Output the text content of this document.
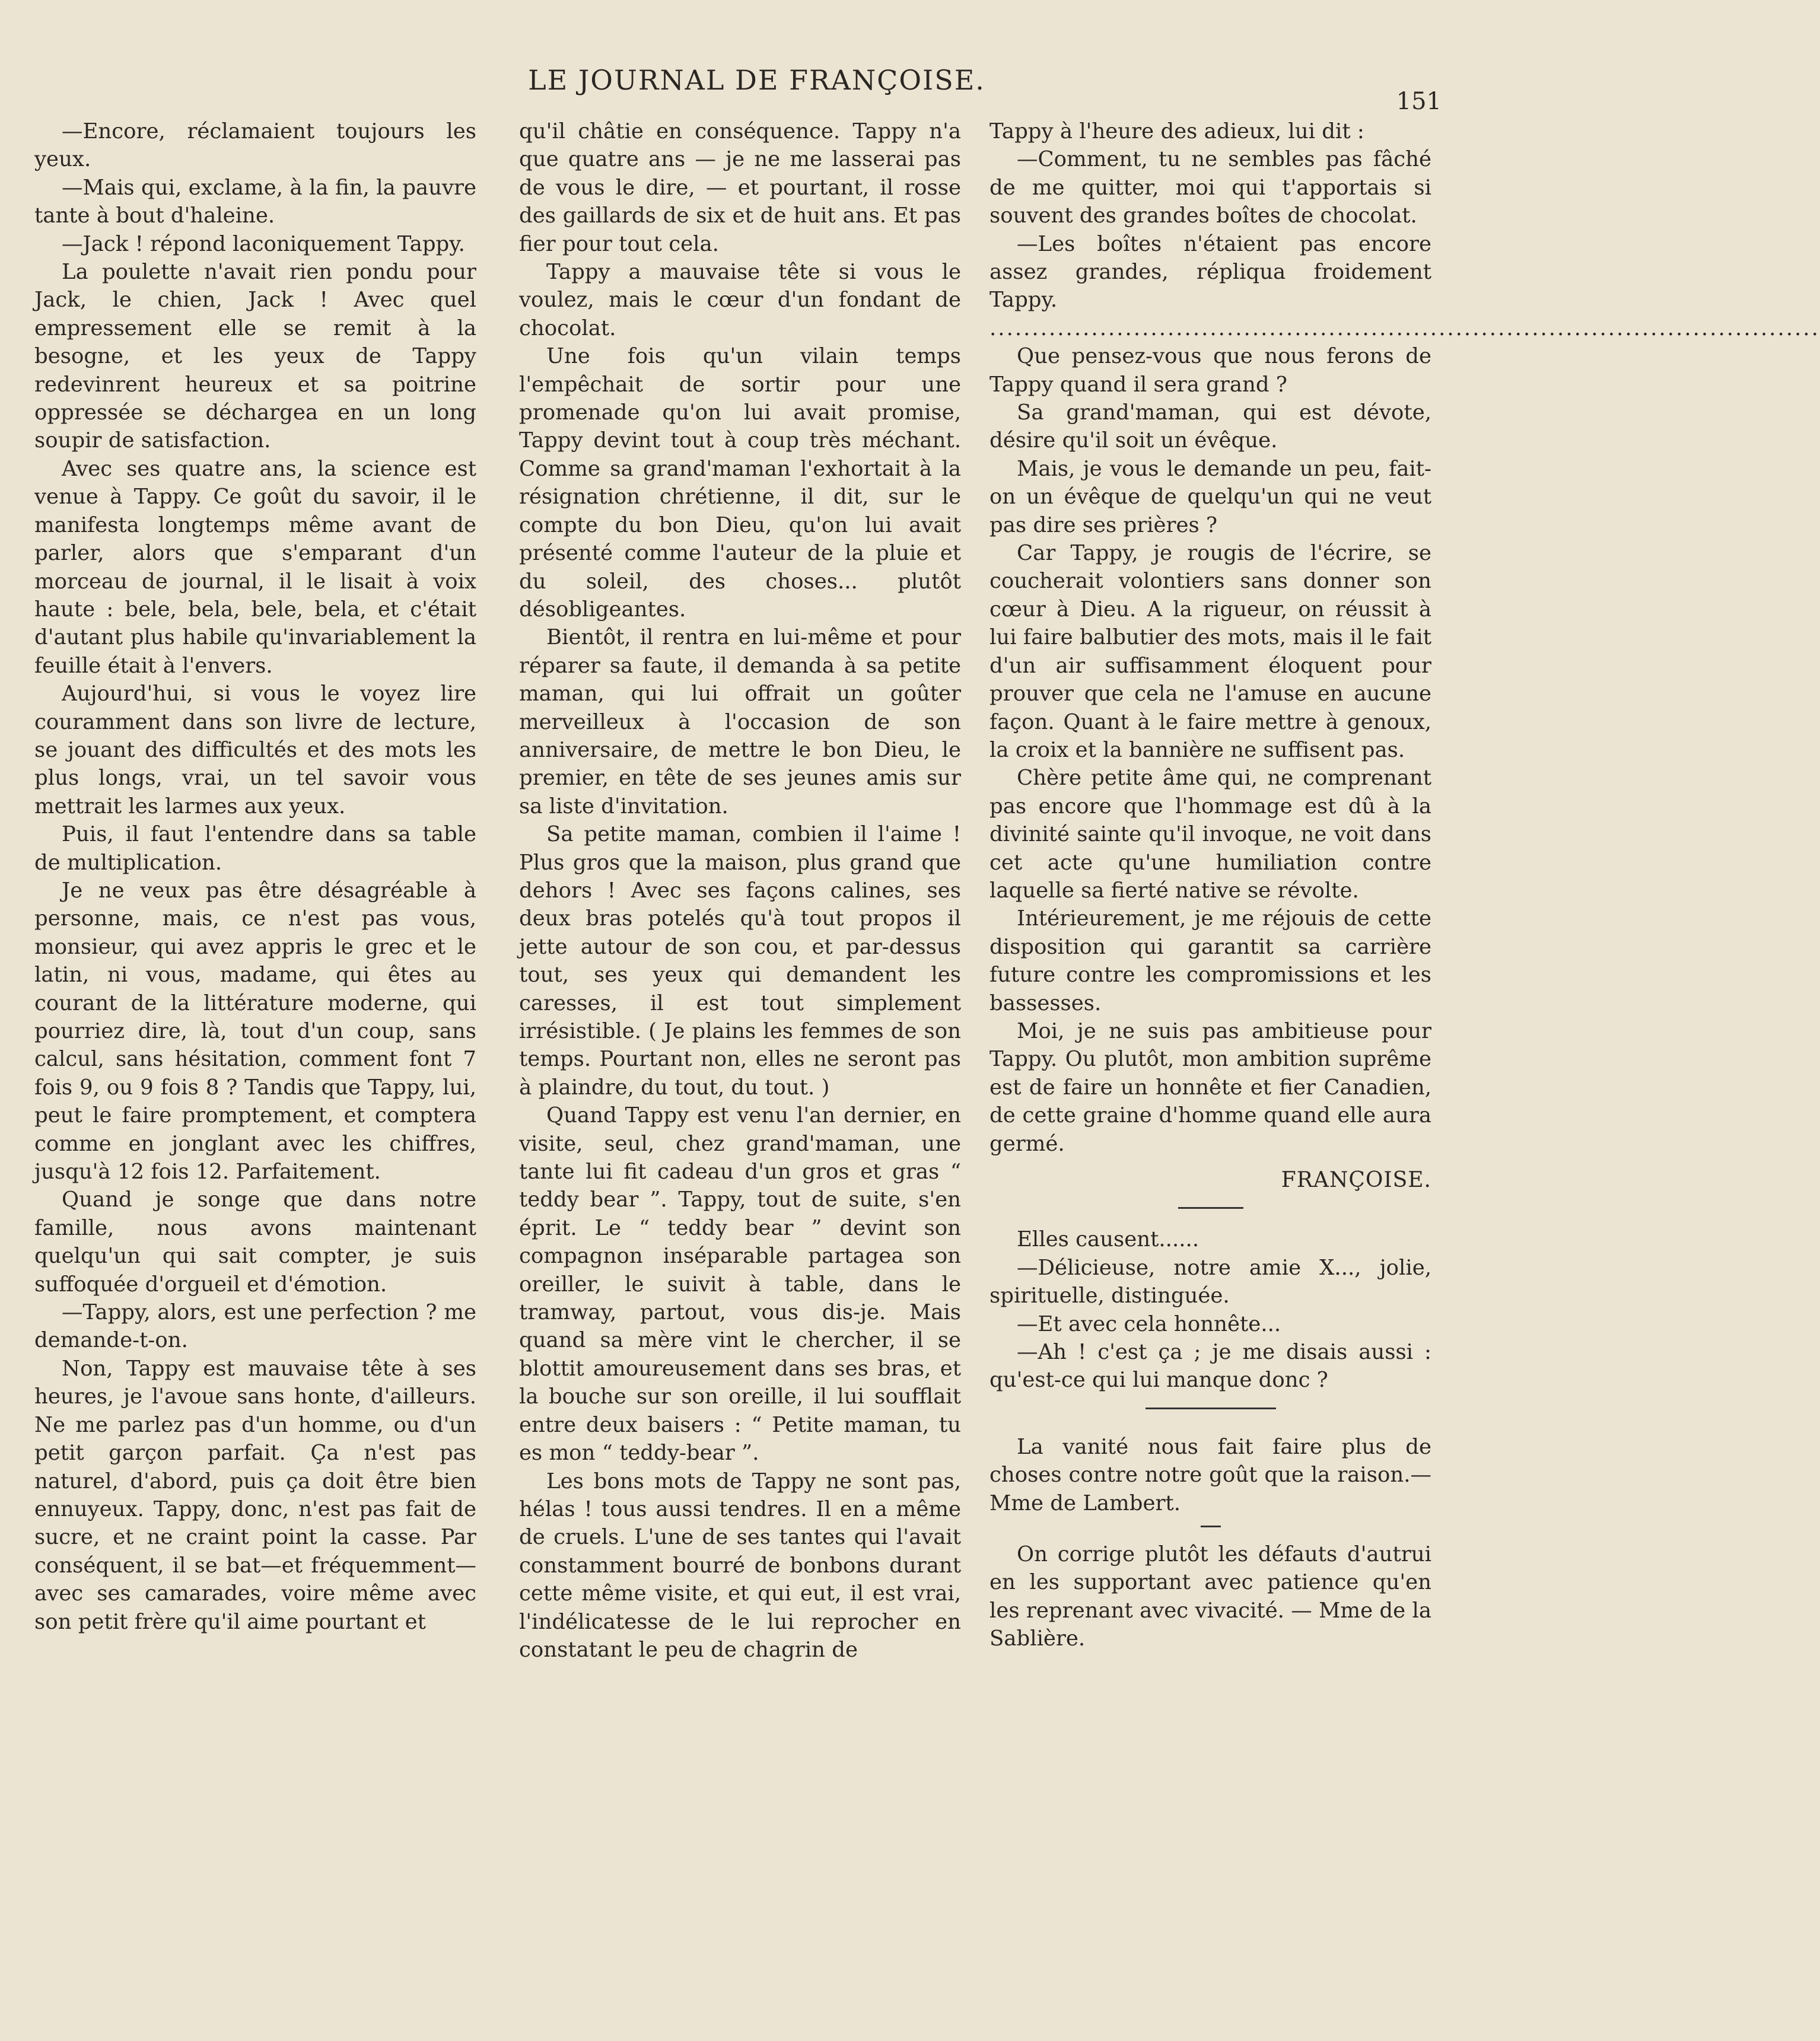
LE JOURNAL DE FRANÇOISE.
151

—Encore, réclamaient toujours les yeux.

—Mais qui, exclame, à la fin, la pauvre tante à bout d'haleine.

—Jack ! répond laconiquement Tappy.

La poulette n'avait rien pondu pour Jack, le chien, Jack ! Avec quel empressement elle se remit à la besogne, et les yeux de Tappy redevinrent heureux et sa poitrine oppressée se déchargea en un long soupir de satisfaction.

Avec ses quatre ans, la science est venue à Tappy. Ce goût du savoir, il le manifesta longtemps même avant de parler, alors que s'emparant d'un morceau de journal, il le lisait à voix haute : bele, bela, bele, bela, et c'était d'autant plus habile qu'invariablement la feuille était à l'envers.

Aujourd'hui, si vous le voyez lire couramment dans son livre de lecture, se jouant des difficultés et des mots les plus longs, vrai, un tel savoir vous mettrait les larmes aux yeux.

Puis, il faut l'entendre dans sa table de multiplication.

Je ne veux pas être désagréable à personne, mais, ce n'est pas vous, monsieur, qui avez appris le grec et le latin, ni vous, madame, qui êtes au courant de la littérature moderne, qui pourriez dire, là, tout d'un coup, sans calcul, sans hésitation, comment font 7 fois 9, ou 9 fois 8 ? Tandis que Tappy, lui, peut le faire promptement, et comptera comme en jonglant avec les chiffres, jusqu'à 12 fois 12. Parfaitement.

Quand je songe que dans notre famille, nous avons maintenant quelqu'un qui sait compter, je suis suffoquée d'orgueil et d'émotion.

—Tappy, alors, est une perfection ? me demande-t-on.

Non, Tappy est mauvaise tête à ses heures, je l'avoue sans honte, d'ailleurs. Ne me parlez pas d'un homme, ou d'un petit garçon parfait. Ça n'est pas naturel, d'abord, puis ça doit être bien ennuyeux. Tappy, donc, n'est pas fait de sucre, et ne craint point la casse. Par conséquent, il se bat—et fréquemment—avec ses camarades, voire même avec son petit frère qu'il aime pourtant et

qu'il châtie en conséquence. Tappy n'a que quatre ans — je ne me lasserai pas de vous le dire, — et pourtant, il rosse des gaillards de six et de huit ans. Et pas fier pour tout cela.

Tappy a mauvaise tête si vous le voulez, mais le cœur d'un fondant de chocolat.

Une fois qu'un vilain temps l'empêchait de sortir pour une promenade qu'on lui avait promise, Tappy devint tout à coup très méchant. Comme sa grand'maman l'exhortait à la résignation chrétienne, il dit, sur le compte du bon Dieu, qu'on lui avait présenté comme l'auteur de la pluie et du soleil, des choses... plutôt désobligeantes.

Bientôt, il rentra en lui-même et pour réparer sa faute, il demanda à sa petite maman, qui lui offrait un goûter merveilleux à l'occasion de son anniversaire, de mettre le bon Dieu, le premier, en tête de ses jeunes amis sur sa liste d'invitation.

Sa petite maman, combien il l'aime ! Plus gros que la maison, plus grand que dehors ! Avec ses façons calines, ses deux bras potelés qu'à tout propos il jette autour de son cou, et par-dessus tout, ses yeux qui demandent les caresses, il est tout simplement irrésistible. ( Je plains les femmes de son temps. Pourtant non, elles ne seront pas à plaindre, du tout, du tout. )

Quand Tappy est venu l'an dernier, en visite, seul, chez grand'maman, une tante lui fit cadeau d'un gros et gras “ teddy bear ”. Tappy, tout de suite, s'en éprit. Le “ teddy bear ” devint son compagnon inséparable partagea son oreiller, le suivit à table, dans le tramway, partout, vous dis-je. Mais quand sa mère vint le chercher, il se blottit amoureusement dans ses bras, et la bouche sur son oreille, il lui soufflait entre deux baisers : “ Petite maman, tu es mon “ teddy-bear ”.

Les bons mots de Tappy ne sont pas, hélas ! tous aussi tendres. Il en a même de cruels. L'une de ses tantes qui l'avait constamment bourré de bonbons durant cette même visite, et qui eut, il est vrai, l'indélicatesse de le lui reprocher en constatant le peu de chagrin de

Tappy à l'heure des adieux, lui dit :

—Comment, tu ne sembles pas fâché de me quitter, moi qui t'apportais si souvent des grandes boîtes de chocolat.

—Les boîtes n'étaient pas encore assez grandes, répliqua froidement Tappy.

..................................................................................................

Que pensez-vous que nous ferons de Tappy quand il sera grand ?

Sa grand'maman, qui est dévote, désire qu'il soit un évêque.

Mais, je vous le demande un peu, fait-on un évêque de quelqu'un qui ne veut pas dire ses prières ?

Car Tappy, je rougis de l'écrire, se coucherait volontiers sans donner son cœur à Dieu. A la rigueur, on réussit à lui faire balbutier des mots, mais il le fait d'un air suffisamment éloquent pour prouver que cela ne l'amuse en aucune façon. Quant à le faire mettre à genoux, la croix et la bannière ne suffisent pas.

Chère petite âme qui, ne comprenant pas encore que l'hommage est dû à la divinité sainte qu'il invoque, ne voit dans cet acte qu'une humiliation contre laquelle sa fierté native se révolte.

Intérieurement, je me réjouis de cette disposition qui garantit sa carrière future contre les compromissions et les bassesses.

Moi, je ne suis pas ambitieuse pour Tappy. Ou plutôt, mon ambition suprême est de faire un honnête et fier Canadien, de cette graine d'homme quand elle aura germé.

FRANÇOISE.

Elles causent......

—Délicieuse, notre amie X..., jolie, spirituelle, distinguée.

—Et avec cela honnête...

—Ah ! c'est ça ; je me disais aussi : qu'est-ce qui lui manque donc ?

La vanité nous fait faire plus de choses contre notre goût que la raison.—Mme de Lambert.

On corrige plutôt les défauts d'autrui en les supportant avec patience qu'en les reprenant avec vivacité. — Mme de la Sablière.
